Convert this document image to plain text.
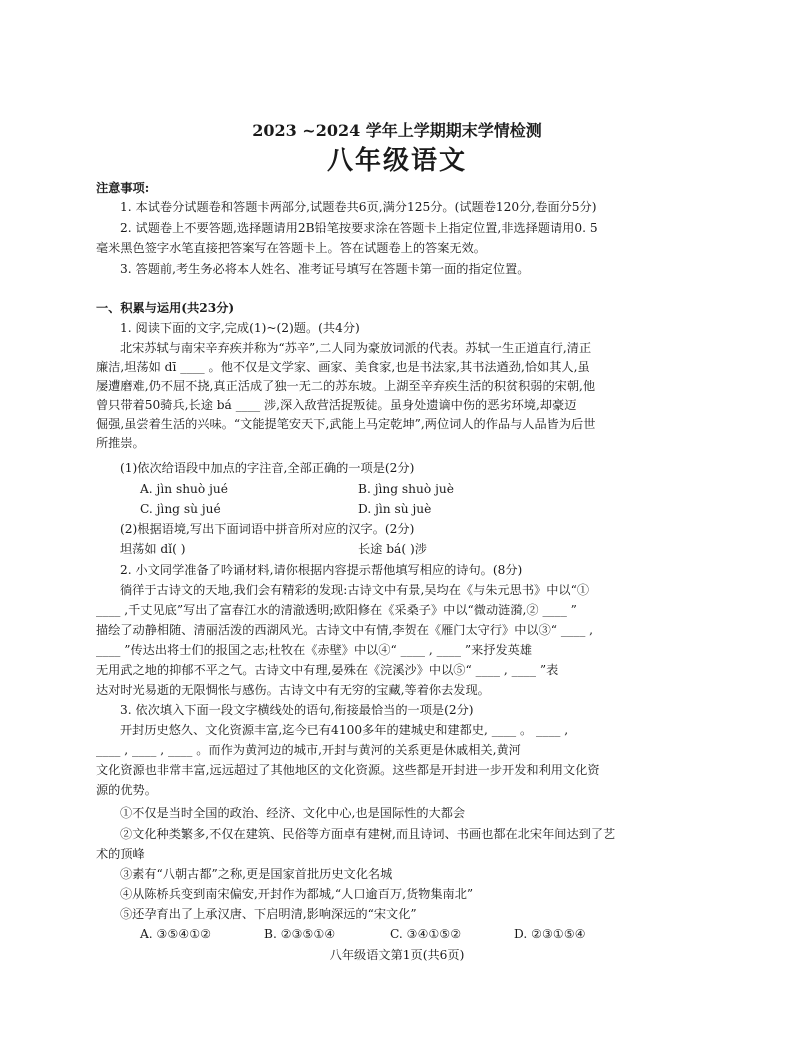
2023 ~2024 学年上学期期末学情检测
八年级语文
注意事项:
1. 本试卷分试题卷和答题卡两部分,试题卷共6页,满分125分。(试题卷120分,卷面分5分)
2. 试题卷上不要答题,选择题请用2B铅笔按要求涂在答题卡上指定位置,非选择题请用0. 5
毫米黑色签字水笔直接把答案写在答题卡上。答在试题卷上的答案无效。
3. 答题前,考生务必将本人姓名、准考证号填写在答题卡第一面的指定位置。
一、积累与运用(共23分)
1. 阅读下面的文字,完成(1)~(2)题。(共4分)
北宋苏轼与南宋辛弃疾并称为“苏辛”,二人同为豪放词派的代表。苏轼一生正道直行,清正
廉洁,坦荡如 dī ____ 。他不仅是文学家、画家、美食家,也是书法家,其书法遒劲,恰如其人,虽
屡遭磨难,仍不屈不挠,真正活成了独一无二的苏东坡。上湖至辛弃疾生活的积贫积弱的宋朝,他
曾只带着50骑兵,长途 bá ____ 涉,深入敌营活捉叛徒。虽身处遗谪中伤的恶劣环境,却豪迈
倔强,虽尝着生活的兴味。“文能提笔安天下,武能上马定乾坤”,两位词人的作品与人品皆为后世
所推崇。
(1)依次给语段中加点的字注音,全部正确的一项是(2分)
A. jìn shuò jué	B. jìng shuò juè
C. jìng sù jué	D. jìn sù juè
(2)根据语境,写出下面词语中拼音所对应的汉字。(2分)
坦荡如 dǐ( )	长途 bá( )涉
2. 小文同学准备了吟诵材料,请你根据内容提示帮他填写相应的诗句。(8分)
徜徉于古诗文的天地,我们会有精彩的发现:古诗文中有景,吴均在《与朱元思书》中以“①
____ ,千丈见底”写出了富春江水的清澈透明;欧阳修在《采桑子》中以“微动涟漪,② ____ ”
描绘了动静相随、清丽活泼的西湖风光。古诗文中有情,李贺在《雁门太守行》中以③“ ____ ,
____ ”传达出将士们的报国之志;杜牧在《赤壁》中以④“ ____ , ____ ”来抒发英雄
无用武之地的抑郁不平之气。古诗文中有理,晏殊在《浣溪沙》中以⑤“ ____ , ____ ”表
达对时光易逝的无限惆怅与感伤。古诗文中有无穷的宝藏,等着你去发现。
3. 依次填入下面一段文字横线处的语句,衔接最恰当的一项是(2分)
开封历史悠久、文化资源丰富,迄今已有4100多年的建城史和建都史, ____ 。 ____ ,
____ , ____ , ____ 。而作为黄河边的城市,开封与黄河的关系更是休戚相关,黄河
文化资源也非常丰富,远远超过了其他地区的文化资源。这些都是开封进一步开发和利用文化资
源的优势。
①不仅是当时全国的政治、经济、文化中心,也是国际性的大都会
②文化种类繁多,不仅在建筑、民俗等方面卓有建树,而且诗词、书画也都在北宋年间达到了艺
术的顶峰
③素有“八朝古都”之称,更是国家首批历史文化名城
④从陈桥兵变到南宋偏安,开封作为都城,“人口逾百万,货物集南北”
⑤还孕育出了上承汉唐、下启明清,影响深远的“宋文化”
A. ③⑤④①②	B. ②③⑤①④	C. ③④①⑤②	D. ②③①⑤④
八年级语文第1页(共6页)
